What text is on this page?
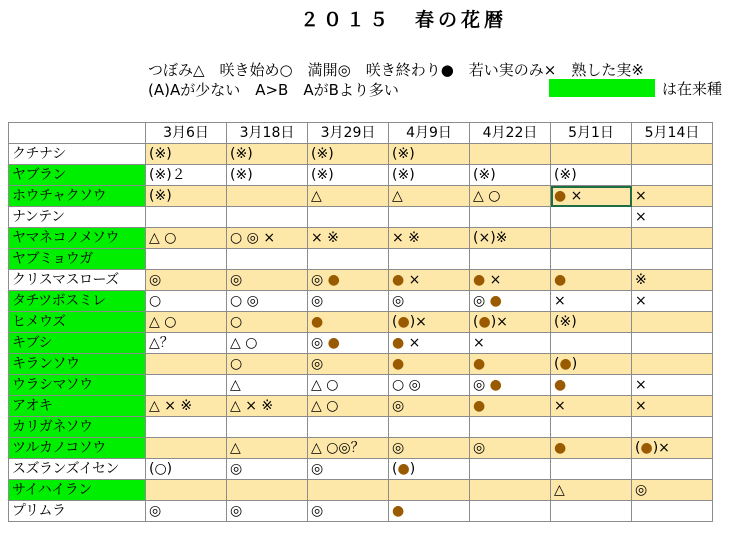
２０１５　春の花暦
つぼみ△　咲き始め○　満開◎　咲き終わり●　若い実のみ×　熟した実※
(A)Aが少ない　A>B　AがBより多い	は在来種
	3月6日	3月18日	3月29日	4月9日	4月22日	5月1日	5月14日
クチナシ	(※)	(※)	(※)	(※)			
ヤブラン	(※)２	(※)	(※)	(※)	(※)	(※)	
ホウチャクソウ	(※)		△	△	△ ○	● ×	×
ナンテン							×
ヤマネコノメソウ	△ ○	○ ◎ ×	× ※	× ※	(×)※		
ヤブミョウガ							
クリスマスローズ	◎	◎	◎ ●	● ×	● ×	●	※
タチツボスミレ	○	○ ◎	◎	◎	◎ ●	×	×
ヒメウズ	△ ○	○	●	(●)×	(●)×	(※)	
キブシ	△？	△ ○	◎ ●	● ×	×		
キランソウ		○	◎	●	●	(●)	
ウラシマソウ		△	△ ○	○ ◎	◎ ●	●	×
アオキ	△ × ※	△ × ※	△ ○	◎	●	×	×
カリガネソウ							
ツルカノコソウ		△	△ ○◎？	◎	◎	●	(●)×
スズランズイセン	(○)	◎	◎	(●)			
サイハイラン						△	◎
プリムラ	◎	◎	◎	●			
